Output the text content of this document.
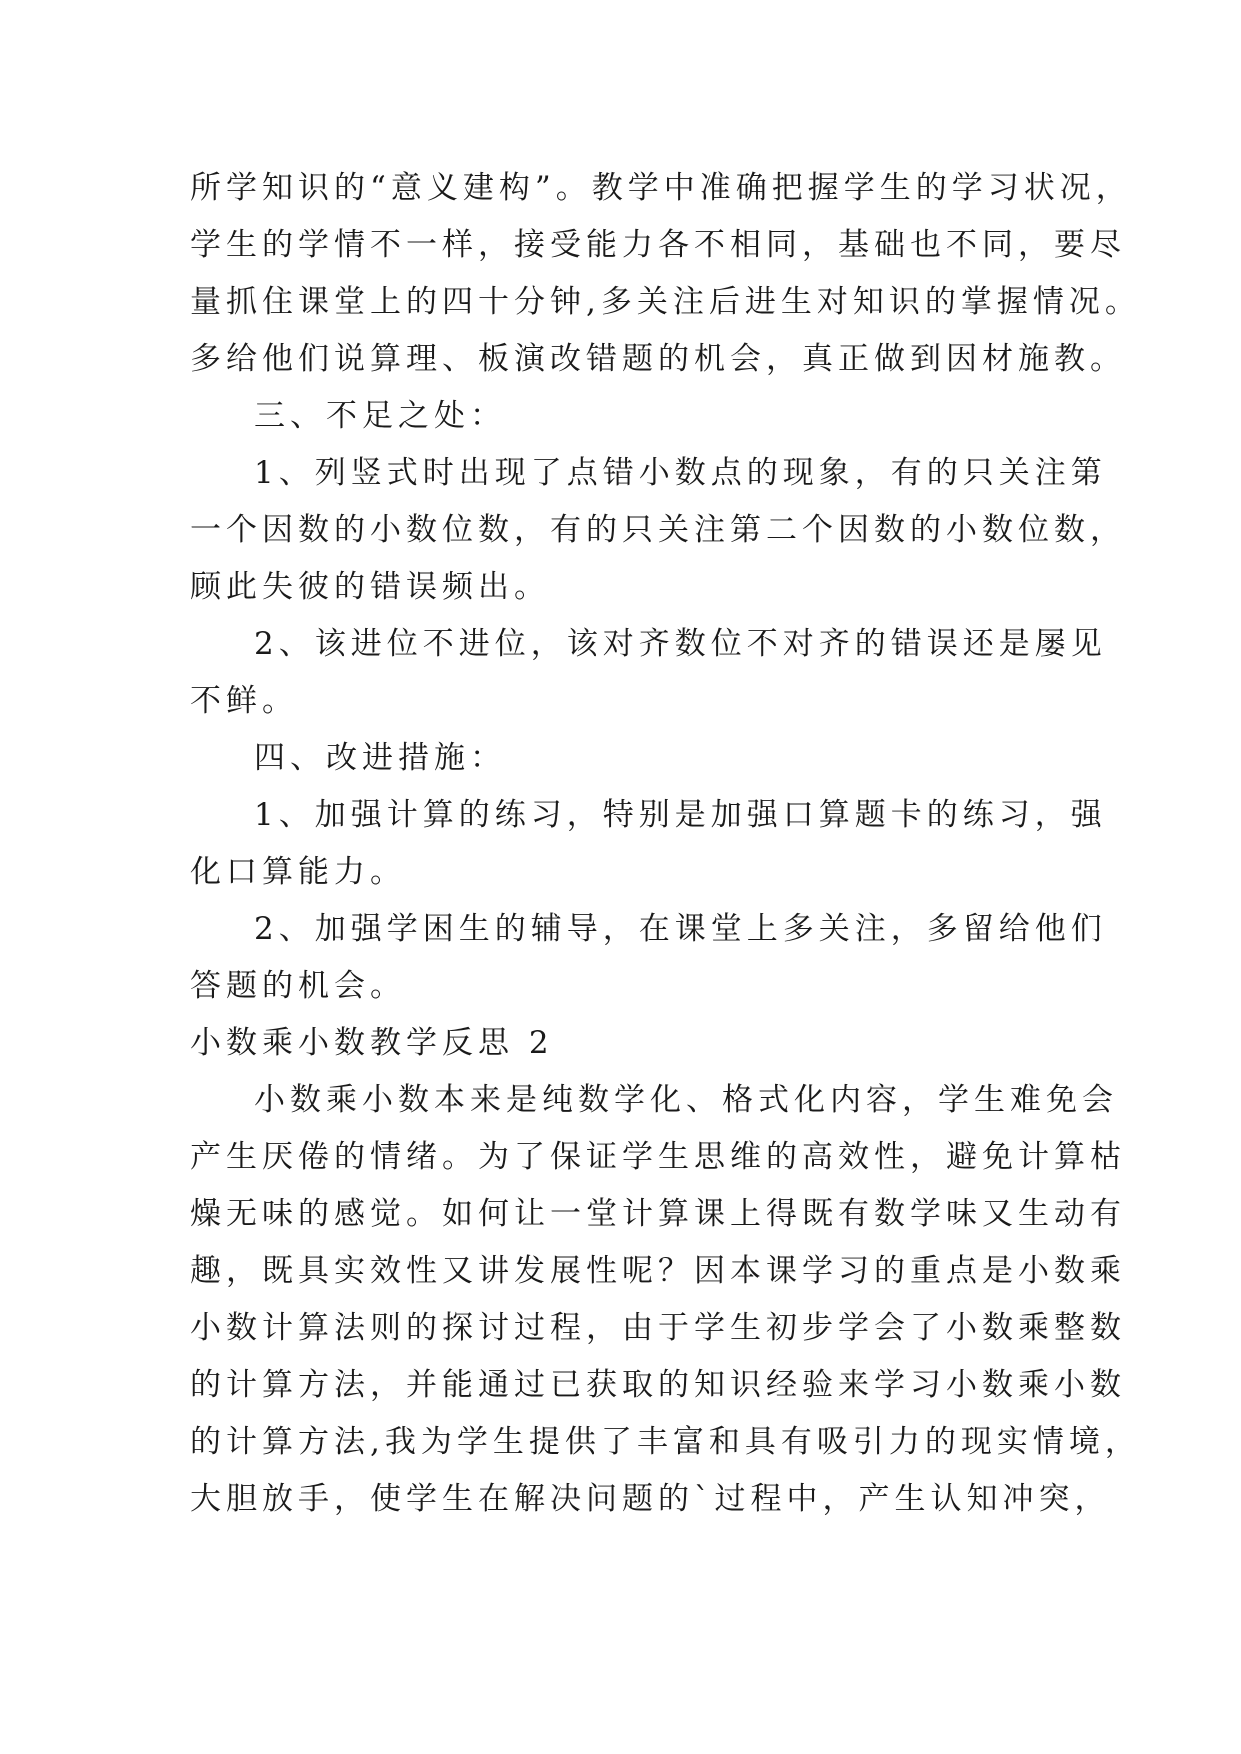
所学知识的“意义建构”。教学中准确把握学生的学习状况，
学生的学情不一样，接受能力各不相同，基础也不同，要尽
量抓住课堂上的四十分钟,多关注后进生对知识的掌握情况。
多给他们说算理、板演改错题的机会，真正做到因材施教。
三、不足之处：
1、列竖式时出现了点错小数点的现象，有的只关注第
一个因数的小数位数，有的只关注第二个因数的小数位数，
顾此失彼的错误频出。
2、该进位不进位，该对齐数位不对齐的错误还是屡见
不鲜。
四、改进措施：
1、加强计算的练习，特别是加强口算题卡的练习，强
化口算能力。
2、加强学困生的辅导，在课堂上多关注，多留给他们
答题的机会。
小数乘小数教学反思 2
小数乘小数本来是纯数学化、格式化内容，学生难免会
产生厌倦的情绪。为了保证学生思维的高效性，避免计算枯
燥无味的感觉。如何让一堂计算课上得既有数学味又生动有
趣，既具实效性又讲发展性呢？因本课学习的重点是小数乘
小数计算法则的探讨过程，由于学生初步学会了小数乘整数
的计算方法，并能通过已获取的知识经验来学习小数乘小数
的计算方法,我为学生提供了丰富和具有吸引力的现实情境，
大胆放手，使学生在解决问题的`过程中，产生认知冲突，
